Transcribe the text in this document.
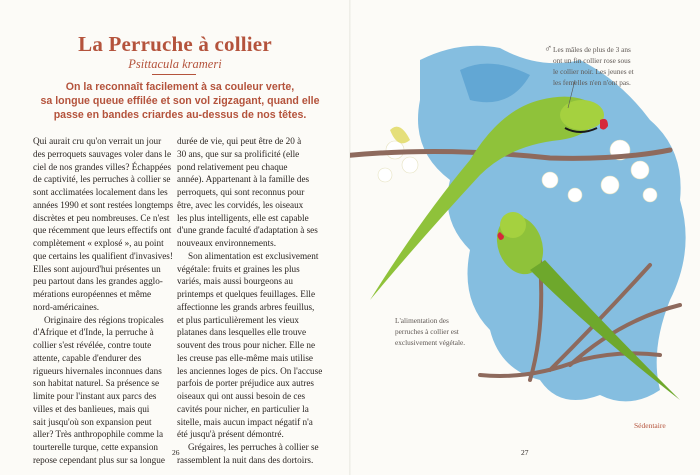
La Perruche à collier
Psittacula krameri
On la reconnaît facilement à sa couleur verte,
sa longue queue effilée et son vol zigzagant, quand elle
passe en bandes criardes au-dessus de nos têtes.
Qui aurait cru qu'on verrait un jour
des perroquets sauvages voler dans le
ciel de nos grandes villes? Échappées
de captivité, les perruches à collier se
sont acclimatées localement dans les
années 1990 et sont restées longtemps
discrètes et peu nombreuses. Ce n'est
que récemment que leurs effectifs ont
complètement « explosé », au point
que certains les qualifient d'invasives!
Elles sont aujourd'hui présentes un
peu partout dans les grandes agglo-
mérations européennes et même
nord-américaines.
Originaire des régions tropicales
d'Afrique et d'Inde, la perruche à
collier s'est révélée, contre toute
attente, capable d'endurer des
rigueurs hivernales inconnues dans
son habitat naturel. Sa présence se
limite pour l'instant aux parcs des
villes et des banlieues, mais qui
sait jusqu'où son expansion peut
aller? Très anthropophile comme la
tourterelle turque, cette expansion
repose cependant plus sur sa longue
durée de vie, qui peut être de 20 à
30 ans, que sur sa prolificité (elle
pond relativement peu chaque
année). Appartenant à la famille des
perroquets, qui sont reconnus pour
être, avec les corvidés, les oiseaux
les plus intelligents, elle est capable
d'une grande faculté d'adaptation à ses
nouveaux environnements.
Son alimentation est exclusivement
végétale: fruits et graines les plus
variés, mais aussi bourgeons au
printemps et quelques feuillages. Elle
affectionne les grands arbres feuillus,
et plus particulièrement les vieux
platanes dans lesquelles elle trouve
souvent des trous pour nicher. Elle ne
les creuse pas elle-même mais utilise
les anciennes loges de pics. On l'accuse
parfois de porter préjudice aux autres
oiseaux qui ont aussi besoin de ces
cavités pour nicher, en particulier la
sitelle, mais aucun impact négatif n'a
été jusqu'à présent démontré.
Grégaires, les perruches à collier se
rassemblent la nuit dans des dortoirs.
26	27
♂ Les mâles de plus de 3 ans
ont un fin collier rose sous
le collier noir. Les jeunes et
les femelles n'en n'ont pas.
L'alimentation des
perruches à collier est
exclusivement végétale.
Sédentaire
